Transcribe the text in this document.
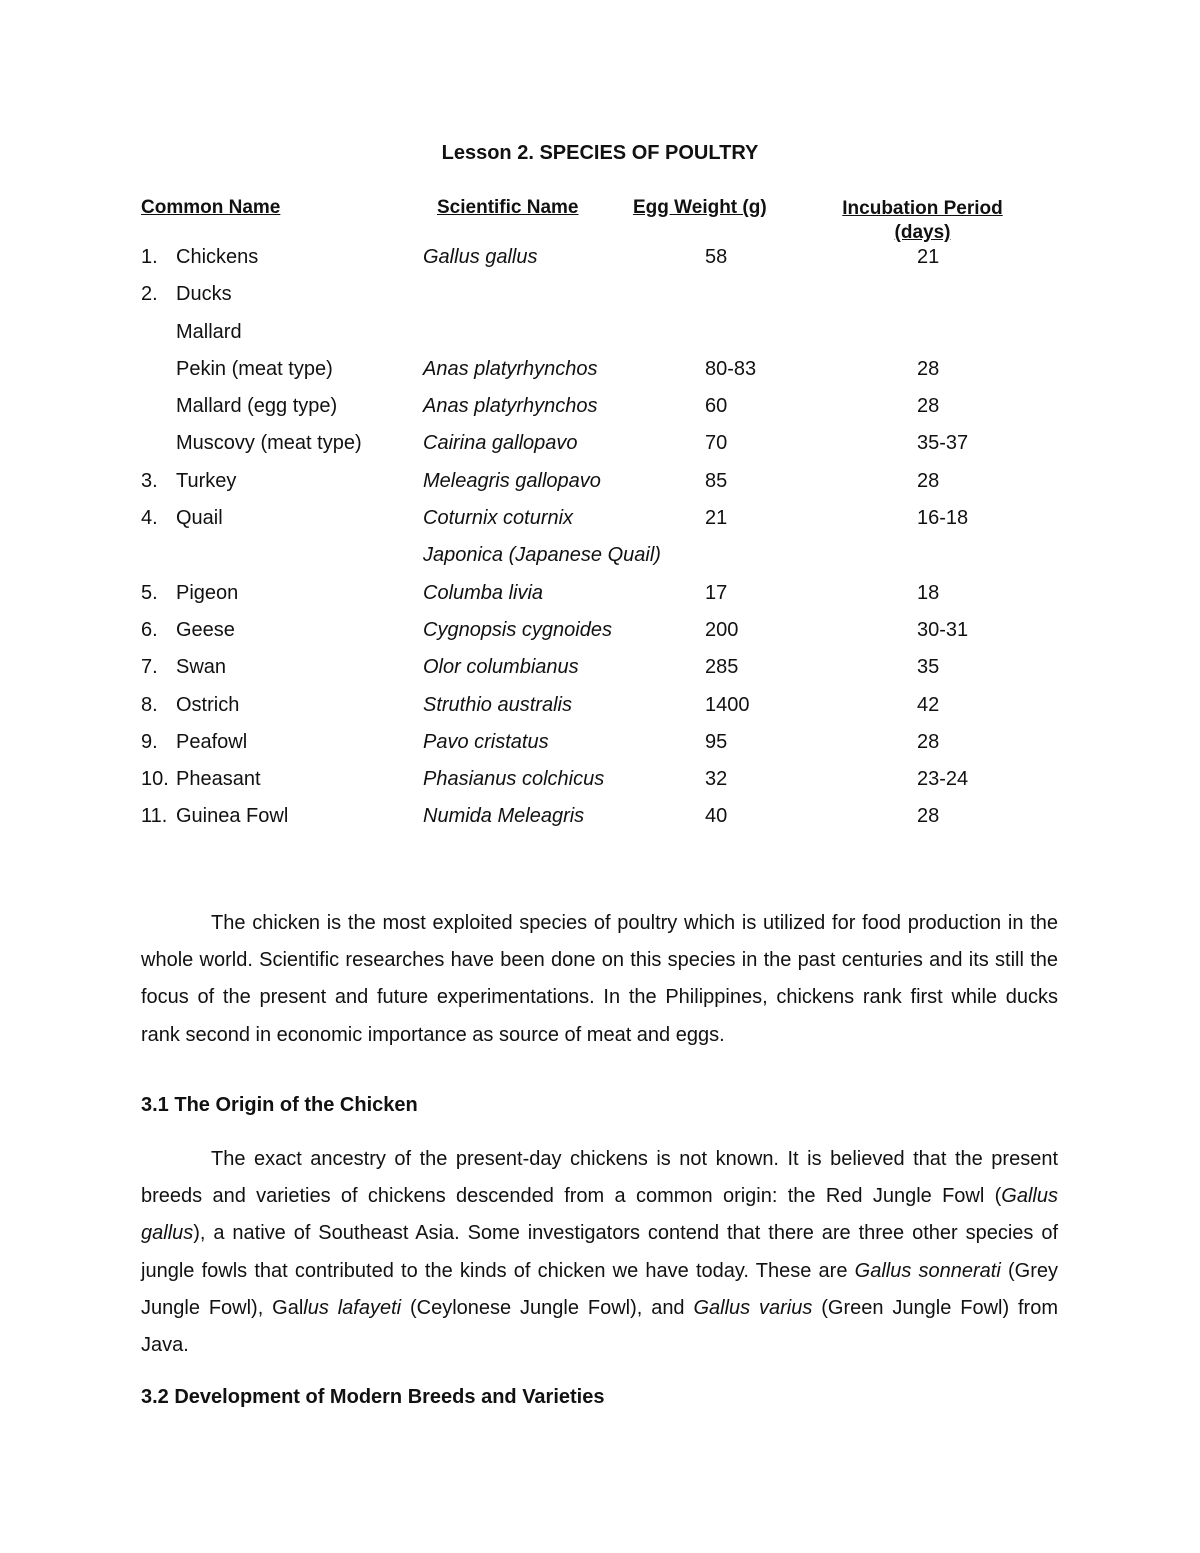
Lesson 2. SPECIES OF POULTRY
Common Name	Scientific Name	Egg Weight (g)	Incubation Period
(days)
1. Chickens	Gallus gallus	58	21
2. Ducks
Mallard
Pekin (meat type)	Anas platyrhynchos	80-83	28
Mallard (egg type)	Anas platyrhynchos	60	28
Muscovy (meat type)	Cairina gallopavo	70	35-37
3. Turkey	Meleagris gallopavo	85	28
4. Quail	Coturnix coturnix	21	16-18
Japonica (Japanese Quail)
5. Pigeon	Columba livia	17	18
6. Geese	Cygnopsis cygnoides	200	30-31
7. Swan	Olor columbianus	285	35
8. Ostrich	Struthio australis	1400	42
9. Peafowl	Pavo cristatus	95	28
10. Pheasant	Phasianus colchicus	32	23-24
11. Guinea Fowl	Numida Meleagris	40	28

The chicken is the most exploited species of poultry which is utilized for food production in the whole world. Scientific researches have been done on this species in the past centuries and its still the focus of the present and future experimentations. In the Philippines, chickens rank first while ducks rank second in economic importance as source of meat and eggs.

3.1 The Origin of the Chicken

The exact ancestry of the present-day chickens is not known. It is believed that the present breeds and varieties of chickens descended from a common origin: the Red Jungle Fowl (Gallus gallus), a native of Southeast Asia. Some investigators contend that there are three other species of jungle fowls that contributed to the kinds of chicken we have today. These are Gallus sonnerati (Grey Jungle Fowl), Gallus lafayeti (Ceylonese Jungle Fowl), and Gallus varius (Green Jungle Fowl) from Java.

3.2 Development of Modern Breeds and Varieties
